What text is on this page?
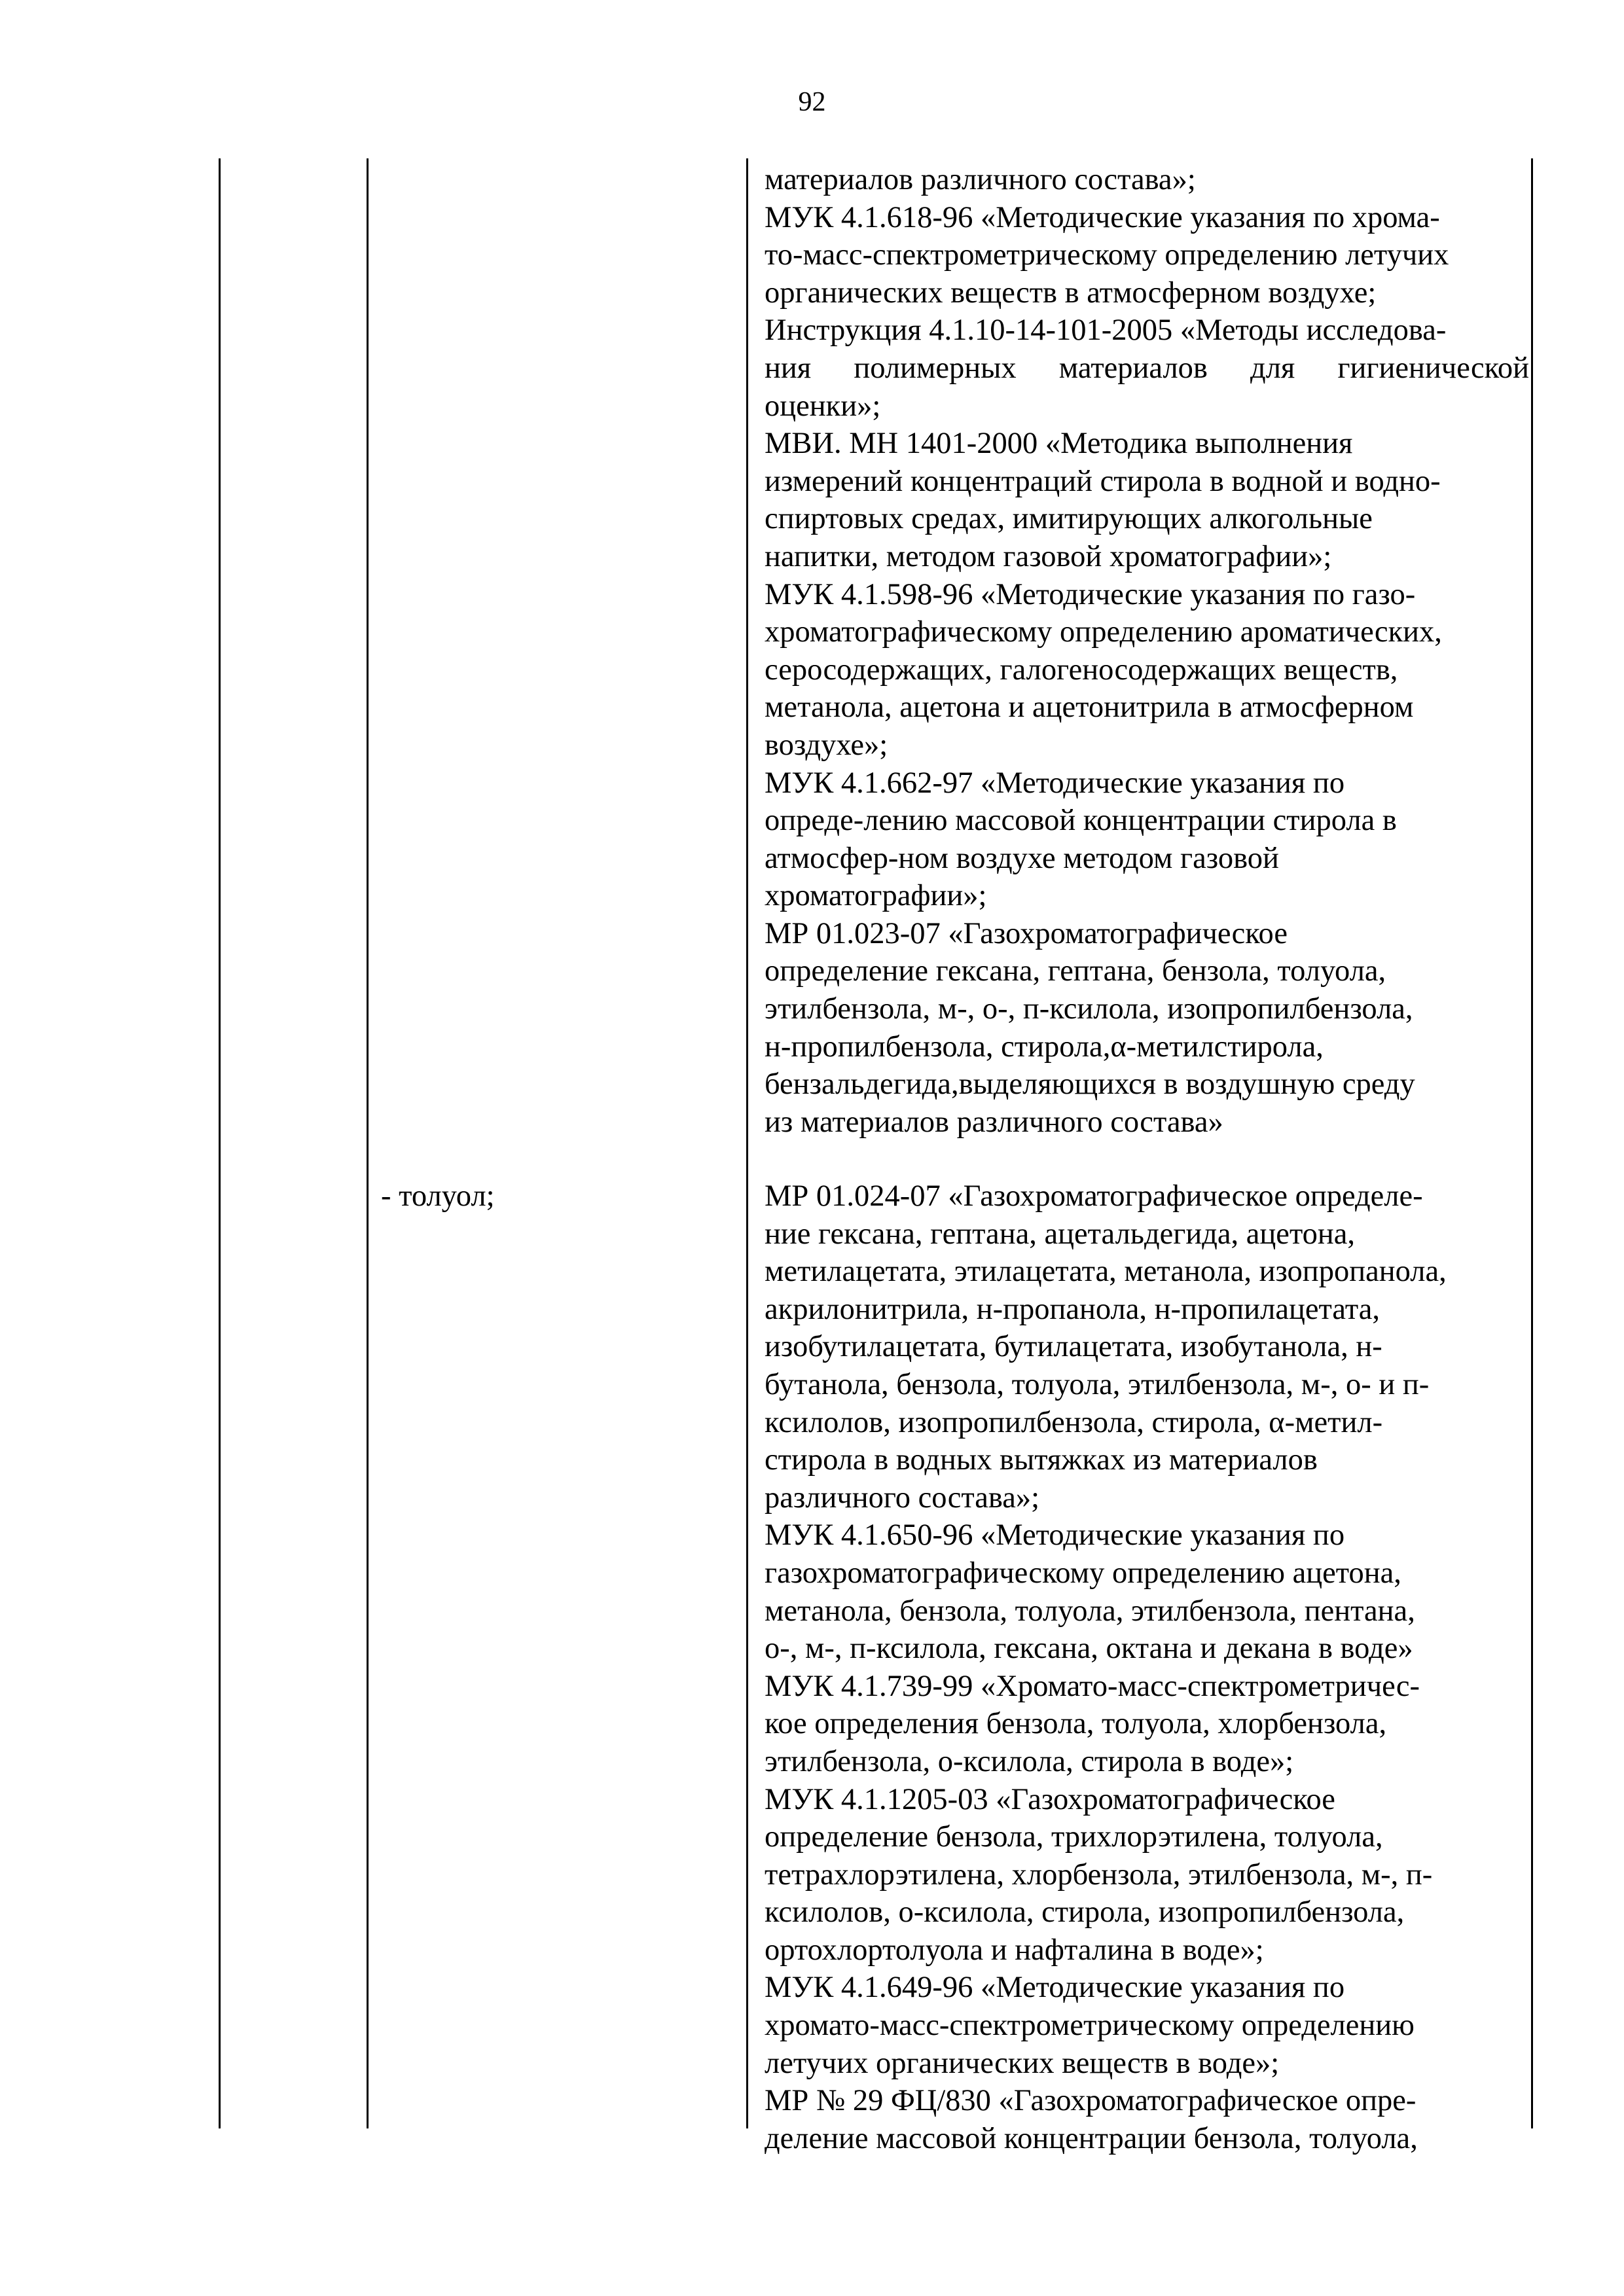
92
материалов различного состава»;
МУК 4.1.618-96 «Методические указания по хрома-
то-масс-спектрометрическому определению летучих
органических веществ в атмосферном воздухе;
Инструкция 4.1.10-14-101-2005 «Методы исследова-
ния полимерных материалов для гигиенической
оценки»;
МВИ. МН 1401-2000 «Методика выполнения
измерений концентраций стирола в водной и водно-
спиртовых средах, имитирующих алкогольные
напитки, методом газовой хроматографии»;
МУК 4.1.598-96 «Методические указания по газо-
хроматографическому определению ароматических,
серосодержащих, галогеносодержащих веществ,
метанола, ацетона и ацетонитрила в атмосферном
воздухе»;
МУК 4.1.662-97 «Методические указания по
опреде-лению массовой концентрации стирола в
атмосфер-ном воздухе методом газовой
хроматографии»;
МР 01.023-07 «Газохроматографическое
определение гексана, гептана, бензола, толуола,
этилбензола, м-, о-, п-ксилола, изопропилбензола,
н-пропилбензола, стирола,α-метилстирола,
бензальдегида,выделяющихся в воздушную среду
из материалов различного состава»
- толуол;	МР 01.024-07 «Газохроматографическое определе-
ние гексана, гептана, ацетальдегида, ацетона,
метилацетата, этилацетата, метанола, изопропанола,
акрилонитрила, н-пропанола, н-пропилацетата,
изобутилацетата, бутилацетата, изобутанола, н-
бутанола, бензола, толуола, этилбензола, м-, о- и п-
ксилолов, изопропилбензола, стирола, α-метил-
стирола в водных вытяжках из материалов
различного состава»;
МУК 4.1.650-96 «Методические указания по
газохроматографическому определению ацетона,
метанола, бензола, толуола, этилбензола, пентана,
о-, м-, п-ксилола, гексана, октана и декана в воде»
МУК 4.1.739-99 «Хромато-масс-спектрометричес-
кое определения бензола, толуола, хлорбензола,
этилбензола, о-ксилола, стирола в воде»;
МУК 4.1.1205-03 «Газохроматографическое
определение бензола, трихлорэтилена, толуола,
тетрахлорэтилена, хлорбензола, этилбензола, м-, п-
ксилолов, о-ксилола, стирола, изопропилбензола,
ортохлортолуола и нафталина в воде»;
МУК 4.1.649-96 «Методические указания по
хромато-масс-спектрометрическому определению
летучих органических веществ в воде»;
МР № 29 ФЦ/830 «Газохроматографическое опре-
деление массовой концентрации бензола, толуола,
